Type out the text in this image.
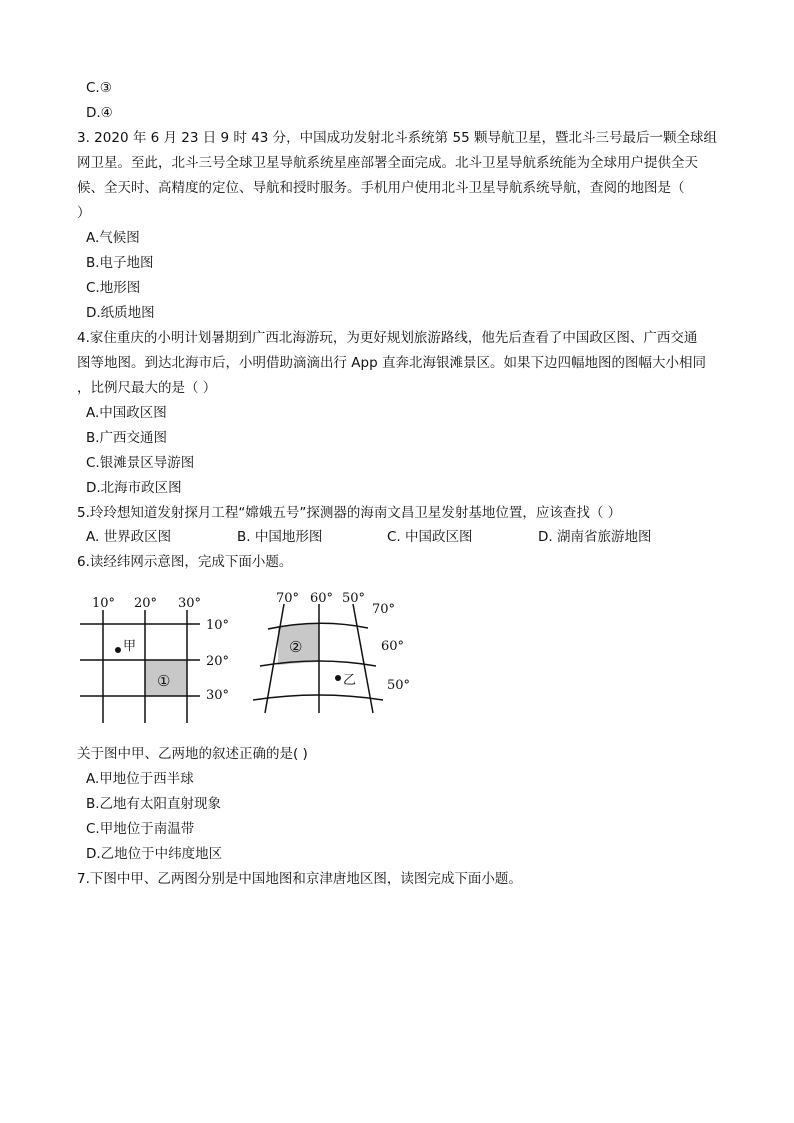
C.③
D.④
3. 2020 年 6 月 23 日 9 时 43 分，中国成功发射北斗系统第 55 颗导航卫星，暨北斗三号最后一颗全球组
网卫星。至此，北斗三号全球卫星导航系统星座部署全面完成。北斗卫星导航系统能为全球用户提供全天
候、全天时、高精度的定位、导航和授时服务。手机用户使用北斗卫星导航系统导航，查阅的地图是（
）
A.气候图
B.电子地图
C.地形图
D.纸质地图
4.家住重庆的小明计划暑期到广西北海游玩，为更好规划旅游路线，他先后查看了中国政区图、广西交通
图等地图。到达北海市后，小明借助滴滴出行 App 直奔北海银滩景区。如果下边四幅地图的图幅大小相同
，比例尺最大的是（ ）
A.中国政区图
B.广西交通图
C.银滩景区导游图
D.北海市政区图
5.玲玲想知道发射探月工程“嫦娥五号”探测器的海南文昌卫星发射基地位置，应该查找（ ）
A. 世界政区图	B. 中国地形图	C. 中国政区图	D. 湖南省旅游地图
6.读经纬网示意图，完成下面小题。
10° 20° 30°
10°
20°
30°
甲
①
70° 60° 50°
70°
60°
50°
乙
②
关于图中甲、乙两地的叙述正确的是( )
A.甲地位于西半球
B.乙地有太阳直射现象
C.甲地位于南温带
D.乙地位于中纬度地区
7.下图中甲、乙两图分别是中国地图和京津唐地区图，读图完成下面小题。
